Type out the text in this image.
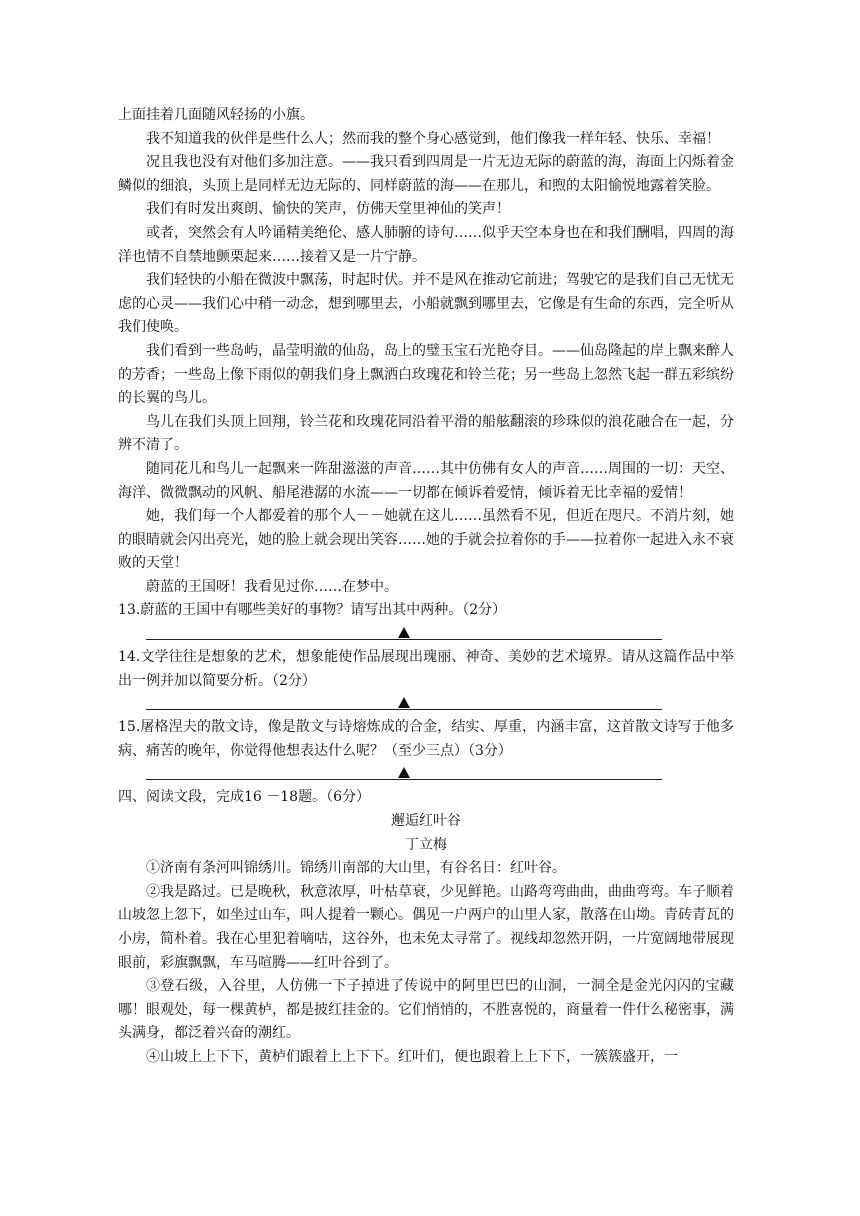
上面挂着几面随风轻扬的小旗。

我不知道我的伙伴是些什么人；然而我的整个身心感觉到，他们像我一样年轻、快乐、幸福！

况且我也没有对他们多加注意。——我只看到四周是一片无边无际的蔚蓝的海，海面上闪烁着金鳞似的细浪，头顶上是同样无边无际的、同样蔚蓝的海——在那儿，和煦的太阳愉悦地露着笑脸。

我们有时发出爽朗、愉快的笑声，仿佛天堂里神仙的笑声！

或者，突然会有人吟诵精美绝伦、感人肺腑的诗句……似乎天空本身也在和我们酬唱，四周的海洋也情不自禁地颤栗起来……接着又是一片宁静。

我们轻快的小船在微波中飘荡，时起时伏。并不是风在推动它前进；驾驶它的是我们自己无忧无虑的心灵——我们心中稍一动念，想到哪里去，小船就飘到哪里去，它像是有生命的东西，完全听从我们使唤。

我们看到一些岛屿，晶莹明澈的仙岛，岛上的璧玉宝石光艳夺目。——仙岛隆起的岸上飘来醉人的芳香；一些岛上像下雨似的朝我们身上飘洒白玫瑰花和铃兰花；另一些岛上忽然飞起一群五彩缤纷的长翼的鸟儿。

鸟儿在我们头顶上回翔，铃兰花和玫瑰花同沿着平滑的船舷翻滚的珍珠似的浪花融合在一起，分辨不清了。

随同花儿和鸟儿一起飘来一阵甜滋滋的声音……其中仿佛有女人的声音……周围的一切：天空、海洋、微微飘动的风帆、船尾港潺的水流——一切都在倾诉着爱情，倾诉着无比幸福的爱情！

她，我们每一个人都爱着的那个人－－她就在这儿……虽然看不见，但近在咫尺。不消片刻，她的眼睛就会闪出亮光，她的脸上就会现出笑容……她的手就会拉着你的手——拉着你一起进入永不衰败的天堂！

蔚蓝的王国呀！我看见过你……在梦中。

13.蔚蓝的王国中有哪些美好的事物？请写出其中两种。（2分）

14.文学往往是想象的艺术，想象能使作品展现出瑰丽、神奇、美妙的艺术境界。请从这篇作品中举出一例并加以简要分析。（2分）

15.屠格涅夫的散文诗，像是散文与诗熔炼成的合金，结实、厚重，内涵丰富，这首散文诗写于他多病、痛苦的晚年，你觉得他想表达什么呢？（至少三点）（3分）

四、阅读文段，完成16 －18题。（6分）

邂逅红叶谷

丁立梅

①济南有条河叫锦绣川。锦绣川南部的大山里，有谷名日：红叶谷。

②我是路过。已是晚秋，秋意浓厚，叶枯草衰，少见鲜艳。山路弯弯曲曲，曲曲弯弯。车子顺着山坡忽上忽下，如坐过山车，叫人提着一颗心。偶见一户两户的山里人家，散落在山坳。青砖青瓦的小房，简朴着。我在心里犯着嘀咕，这谷外，也未免太寻常了。视线却忽然开阴，一片宽阔地带展现眼前，彩旗飘飘，车马喧腾——红叶谷到了。

③登石级，入谷里，人仿佛一下子掉进了传说中的阿里巴巴的山洞，一洞全是金光闪闪的宝藏哪！眼观处，每一棵黄栌，都是披红挂金的。它们悄悄的，不胜喜悦的，商量着一件什么秘密事，满头满身，都泛着兴奋的潮红。

④山坡上上下下，黄栌们跟着上上下下。红叶们，便也跟着上上下下，一簇簇盛开，一
